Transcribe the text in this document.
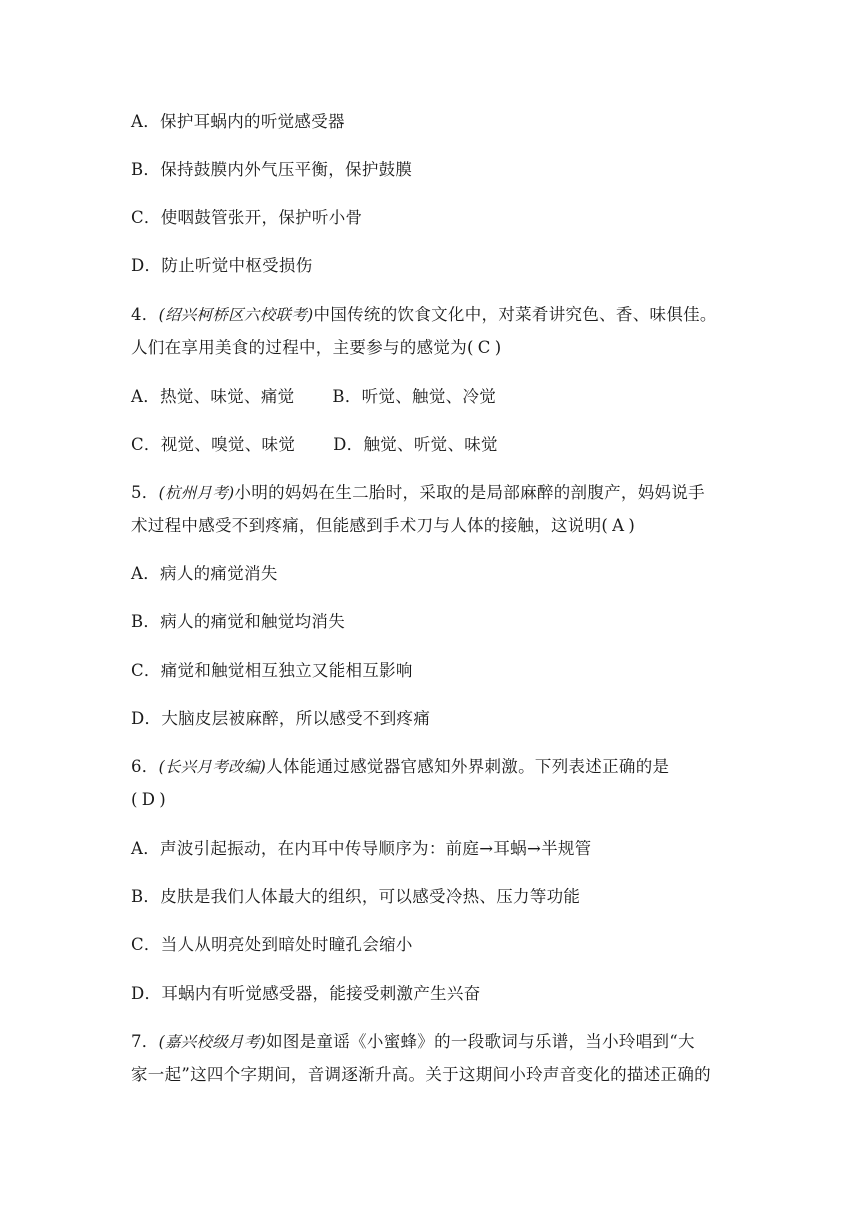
A．保护耳蜗内的听觉感受器
B．保持鼓膜内外气压平衡，保护鼓膜
C．使咽鼓管张开，保护听小骨
D．防止听觉中枢受损伤
4．(绍兴柯桥区六校联考)中国传统的饮食文化中，对菜肴讲究色、香、味俱佳。
人们在享用美食的过程中，主要参与的感觉为( C )
A．热觉、味觉、痛觉 B．听觉、触觉、冷觉
C．视觉、嗅觉、味觉 D．触觉、听觉、味觉
5．(杭州月考)小明的妈妈在生二胎时，采取的是局部麻醉的剖腹产，妈妈说手
术过程中感受不到疼痛，但能感到手术刀与人体的接触，这说明( A )
A．病人的痛觉消失
B．病人的痛觉和触觉均消失
C．痛觉和触觉相互独立又能相互影响
D．大脑皮层被麻醉，所以感受不到疼痛
6．(长兴月考改编)人体能通过感觉器官感知外界刺激。下列表述正确的是
( D )
A．声波引起振动，在内耳中传导顺序为：前庭→耳蜗→半规管
B．皮肤是我们人体最大的组织，可以感受冷热、压力等功能
C．当人从明亮处到暗处时瞳孔会缩小
D．耳蜗内有听觉感受器，能接受刺激产生兴奋
7．(嘉兴校级月考)如图是童谣《小蜜蜂》的一段歌词与乐谱，当小玲唱到“大
家一起”这四个字期间，音调逐渐升高。关于这期间小玲声音变化的描述正确的
